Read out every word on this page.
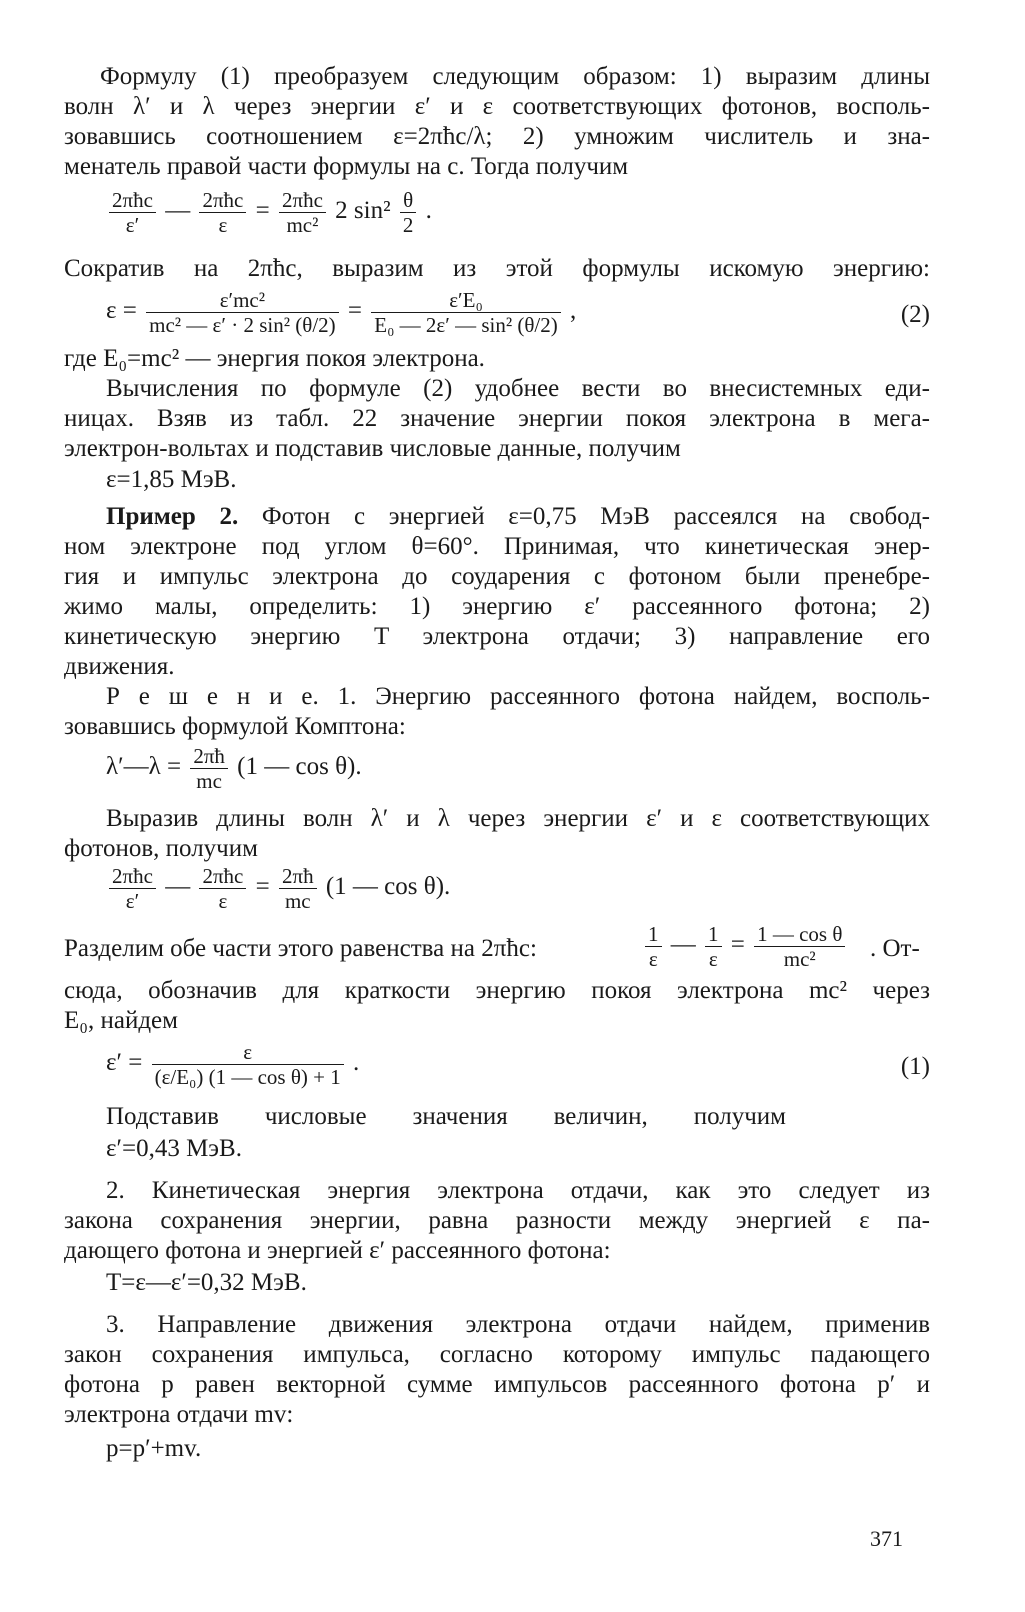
Формулу (1) преобразуем следующим образом: 1) выразим длины
волн λ′ и λ через энергии ε′ и ε соответствующих фотонов, восполь-
зовавшись соотношением ε=2πħc/λ; 2) умножим числитель и зна-
менатель правой части формулы на c. Тогда получим
$\frac{\text{2πħc}}{\varepsilon'}$ — $\frac{\text{2πħc}}{\varepsilon} = \frac{\text{2πħc}}{\text{mc²}} 2$ $\sin^2 \frac{\theta}{2}$ .
Сократив на 2πħc, выразим из этой формулы искомую энергию:
$\varepsilon = \frac{\text{ε′mc²}}{\text{mc² — ε′ · 2 sin² (θ/2)}} = \frac{\text{ε′E₀}}{\text{E₀ — 2ε′ — sin² (θ/2)}}$ ,	(2)
где E₀=mc² — энергия покоя электрона.
Вычисления по формуле (2) удобнее вести во внесистемных еди-
ницах. Взяв из табл. 22 значение энергии покоя электрона в мега-
электрон-вольтах и подставив числовые данные, получим
ε=1,85 МэВ.
Пример 2. Фотон с энергией ε=0,75 МэВ рассеялся на свобод-
ном электроне под углом θ=60°. Принимая, что кинетическая энер-
гия и импульс электрона до соударения с фотоном были пренебре-
жимо малы, определить: 1) энергию ε′ рассеянного фотона; 2)
кинетическую энергию T электрона отдачи; 3) направление его
движения.
Р е ш е н и е. 1. Энергию рассеянного фотона найдем, восполь-
зовавшись формулой Комптона:
λ′—λ = $\frac{2\pi ħ}{mc} (1$ — cos θ).
Выразив длины волн λ′ и λ через энергии ε′ и ε соответствующих
фотонов, получим
$\frac{\text{2πħc}}{\varepsilon'}$ — $\frac{\text{2πħc}}{\varepsilon} = \frac{2\pi ħ}{mc} (1$ — cos θ).
Разделим обе части этого равенства на 2πħc:	$\frac{1}{\varepsilon}$ — $\frac{1}{\varepsilon} = \frac{\text{1 — cos θ}}{\text{mc²}}$ . От-
сюда, обозначив для краткости энергию покоя электрона mc² через
E₀, найдем
$\varepsilon' = \frac{\varepsilon}{\text{(ε/E₀) (1 — cos θ) + 1}}$ .	(1)
Подставив числовые значения величин, получим
ε′=0,43 МэВ.
2. Кинетическая энергия электрона отдачи, как это следует из
закона сохранения энергии, равна разности между энергией ε па-
дающего фотона и энергией ε′ рассеянного фотона:
T=ε—ε′=0,32 МэВ.
3. Направление движения электрона отдачи найдем, применив
закон сохранения импульса, согласно которому импульс падающего
фотона p равен векторной сумме импульсов рассеянного фотона p′ и
электрона отдачи mv:
p=p′+mv.
371
